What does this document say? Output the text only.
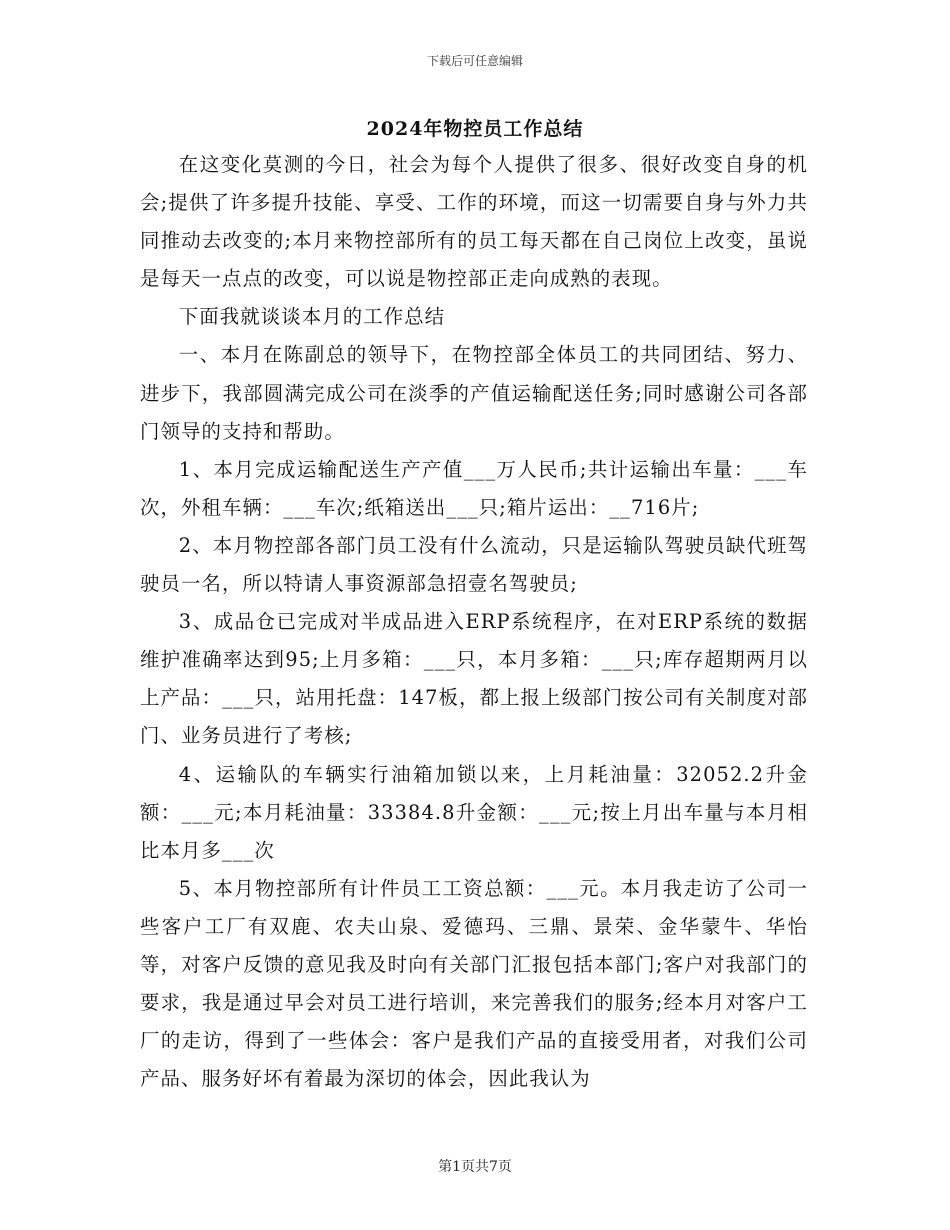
下载后可任意编辑
2024年物控员工作总结

在这变化莫测的今日，社会为每个人提供了很多、很好改变自身的机会;提供了许多提升技能、享受、工作的环境，而这一切需要自身与外力共同推动去改变的;本月来物控部所有的员工每天都在自己岗位上改变，虽说是每天一点点的改变，可以说是物控部正走向成熟的表现。

下面我就谈谈本月的工作总结

一、本月在陈副总的领导下，在物控部全体员工的共同团结、努力、进步下，我部圆满完成公司在淡季的产值运输配送任务;同时感谢公司各部门领导的支持和帮助。

1、本月完成运输配送生产产值___万人民币;共计运输出车量：___车次，外租车辆：___车次;纸箱送出___只;箱片运出：__716片;

2、本月物控部各部门员工没有什么流动，只是运输队驾驶员缺代班驾驶员一名，所以特请人事资源部急招壹名驾驶员;

3、成品仓已完成对半成品进入ERP系统程序，在对ERP系统的数据维护准确率达到95;上月多箱：___只，本月多箱：___只;库存超期两月以上产品：___只，站用托盘：147板，都上报上级部门按公司有关制度对部门、业务员进行了考核;

4、运输队的车辆实行油箱加锁以来，上月耗油量：32052.2升金额：___元;本月耗油量：33384.8升金额：___元;按上月出车量与本月相比本月多___次

5、本月物控部所有计件员工工资总额：___元。本月我走访了公司一些客户工厂有双鹿、农夫山泉、爱德玛、三鼎、景荣、金华蒙牛、华怡等，对客户反馈的意见我及时向有关部门汇报包括本部门;客户对我部门的要求，我是通过早会对员工进行培训，来完善我们的服务;经本月对客户工厂的走访，得到了一些体会：客户是我们产品的直接受用者，对我们公司产品、服务好坏有着最为深切的体会，因此我认为

第1页共7页
